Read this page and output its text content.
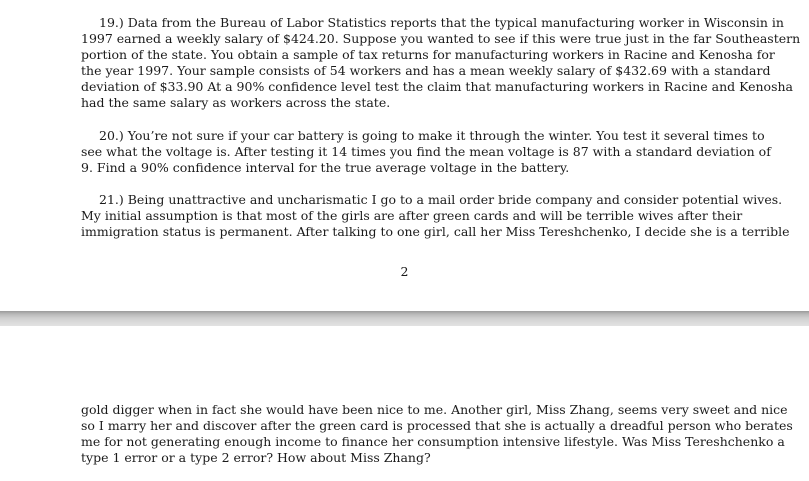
19.) Data from the Bureau of Labor Statistics reports that the typical manufacturing worker in Wisconsin in
1997 earned a weekly salary of $424.20. Suppose you wanted to see if this were true just in the far Southeastern
portion of the state. You obtain a sample of tax returns for manufacturing workers in Racine and Kenosha for
the year 1997. Your sample consists of 54 workers and has a mean weekly salary of $432.69 with a standard
deviation of $33.90 At a 90% confidence level test the claim that manufacturing workers in Racine and Kenosha
had the same salary as workers across the state.

20.) You’re not sure if your car battery is going to make it through the winter. You test it several times to
see what the voltage is. After testing it 14 times you find the mean voltage is 87 with a standard deviation of
9. Find a 90% confidence interval for the true average voltage in the battery.

21.) Being unattractive and uncharismatic I go to a mail order bride company and consider potential wives.
My initial assumption is that most of the girls are after green cards and will be terrible wives after their
immigration status is permanent. After talking to one girl, call her Miss Tereshchenko, I decide she is a terrible

2

gold digger when in fact she would have been nice to me. Another girl, Miss Zhang, seems very sweet and nice
so I marry her and discover after the green card is processed that she is actually a dreadful person who berates
me for not generating enough income to finance her consumption intensive lifestyle. Was Miss Tereshchenko a
type 1 error or a type 2 error? How about Miss Zhang?
